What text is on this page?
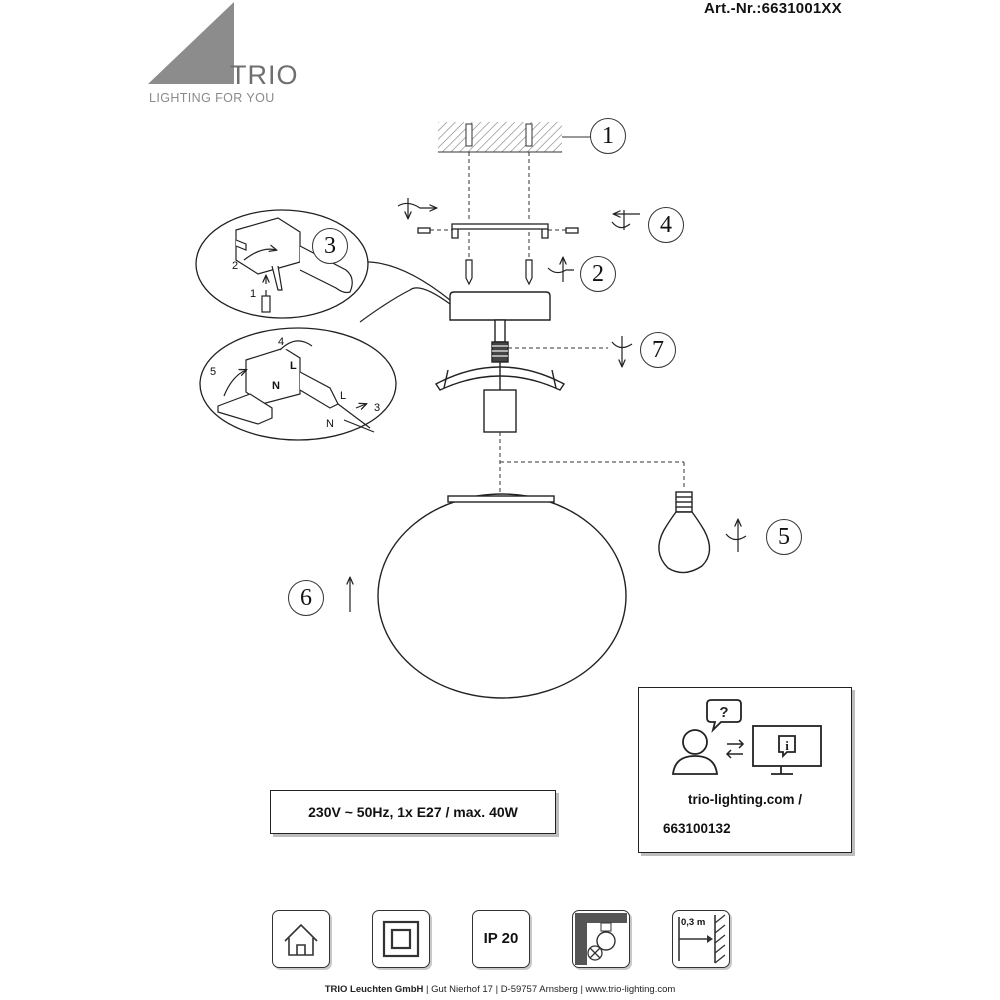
Art.-Nr.:6631001XX
TRIO
LIGHTING FOR YOU
2
1
4
5	L
N
L
N
3
1
2
3
4
5
6
7
230V ~ 50Hz, 1x E27 / max. 40W
?
i
trio-lighting.com /
663100132
IP 20
0,3 m
TRIO Leuchten GmbH | Gut Nierhof 17 | D-59757 Arnsberg | www.trio-lighting.com
